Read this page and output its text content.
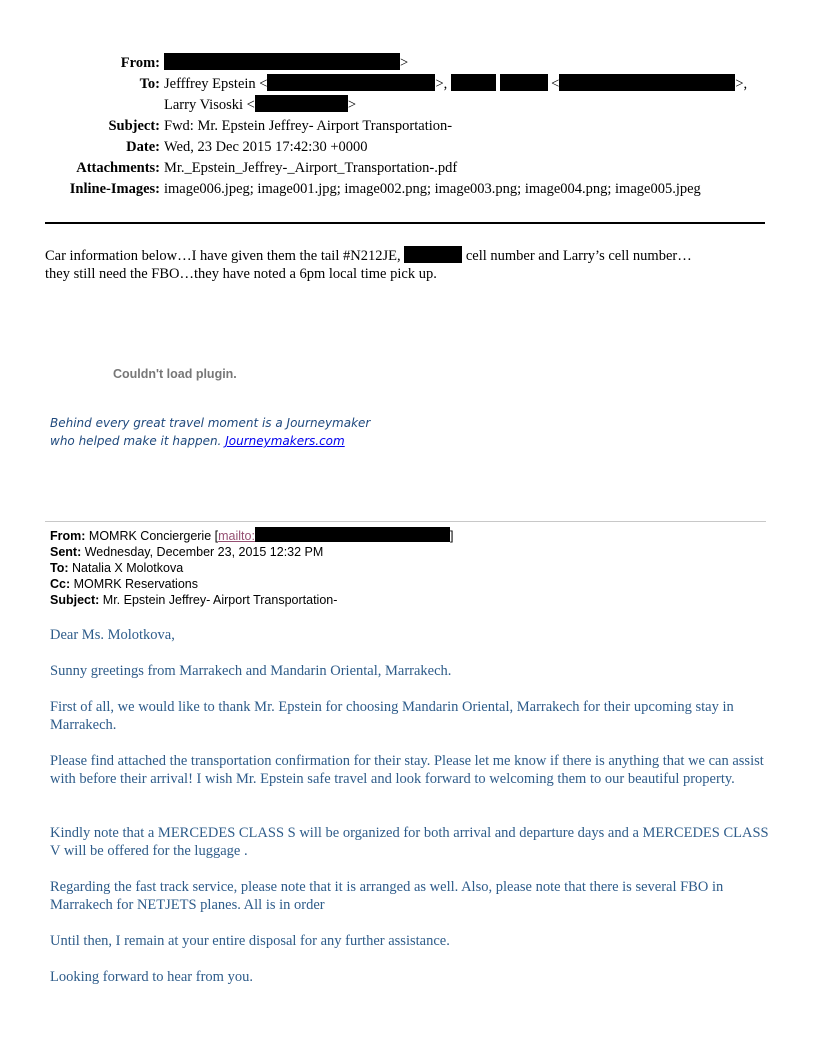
From:	>
To: Jefffrey Epstein <	>,	<	>,
Larry Visoski <	>
Subject: Fwd: Mr. Epstein Jeffrey- Airport Transportation-
Date: Wed, 23 Dec 2015 17:42:30 +0000
Attachments: Mr._Epstein_Jeffrey-_Airport_Transportation-.pdf
Inline-Images: image006.jpeg; image001.jpg; image002.png; image003.png; image004.png; image005.jpeg
Car information below…I have given them the tail #N212JE,	cell number and Larry’s cell number…
they still need the FBO…they have noted a 6pm local time pick up.
Couldn't load plugin.
Behind every great travel moment is a Journeymaker
who helped make it happen. Journeymakers.com
From: MOMRK Conciergerie [mailto:	]
Sent: Wednesday, December 23, 2015 12:32 PM
To: Natalia X Molotkova
Cc: MOMRK Reservations
Subject: Mr. Epstein Jeffrey- Airport Transportation-
Dear Ms. Molotkova,
Sunny greetings from Marrakech and Mandarin Oriental, Marrakech.
First of all, we would like to thank Mr. Epstein for choosing Mandarin Oriental, Marrakech for their upcoming stay in Marrakech.
Please find attached the transportation confirmation for their stay. Please let me know if there is anything that we can assist with before their arrival! I wish Mr. Epstein safe travel and look forward to welcoming them to our beautiful property.
Kindly note that a MERCEDES CLASS S will be organized for both arrival and departure days and a MERCEDES CLASS V will be offered for the luggage .
Regarding the fast track service, please note that it is arranged as well. Also, please note that there is several FBO in Marrakech for NETJETS planes. All is in order
Until then, I remain at your entire disposal for any further assistance.
Looking forward to hear from you.
